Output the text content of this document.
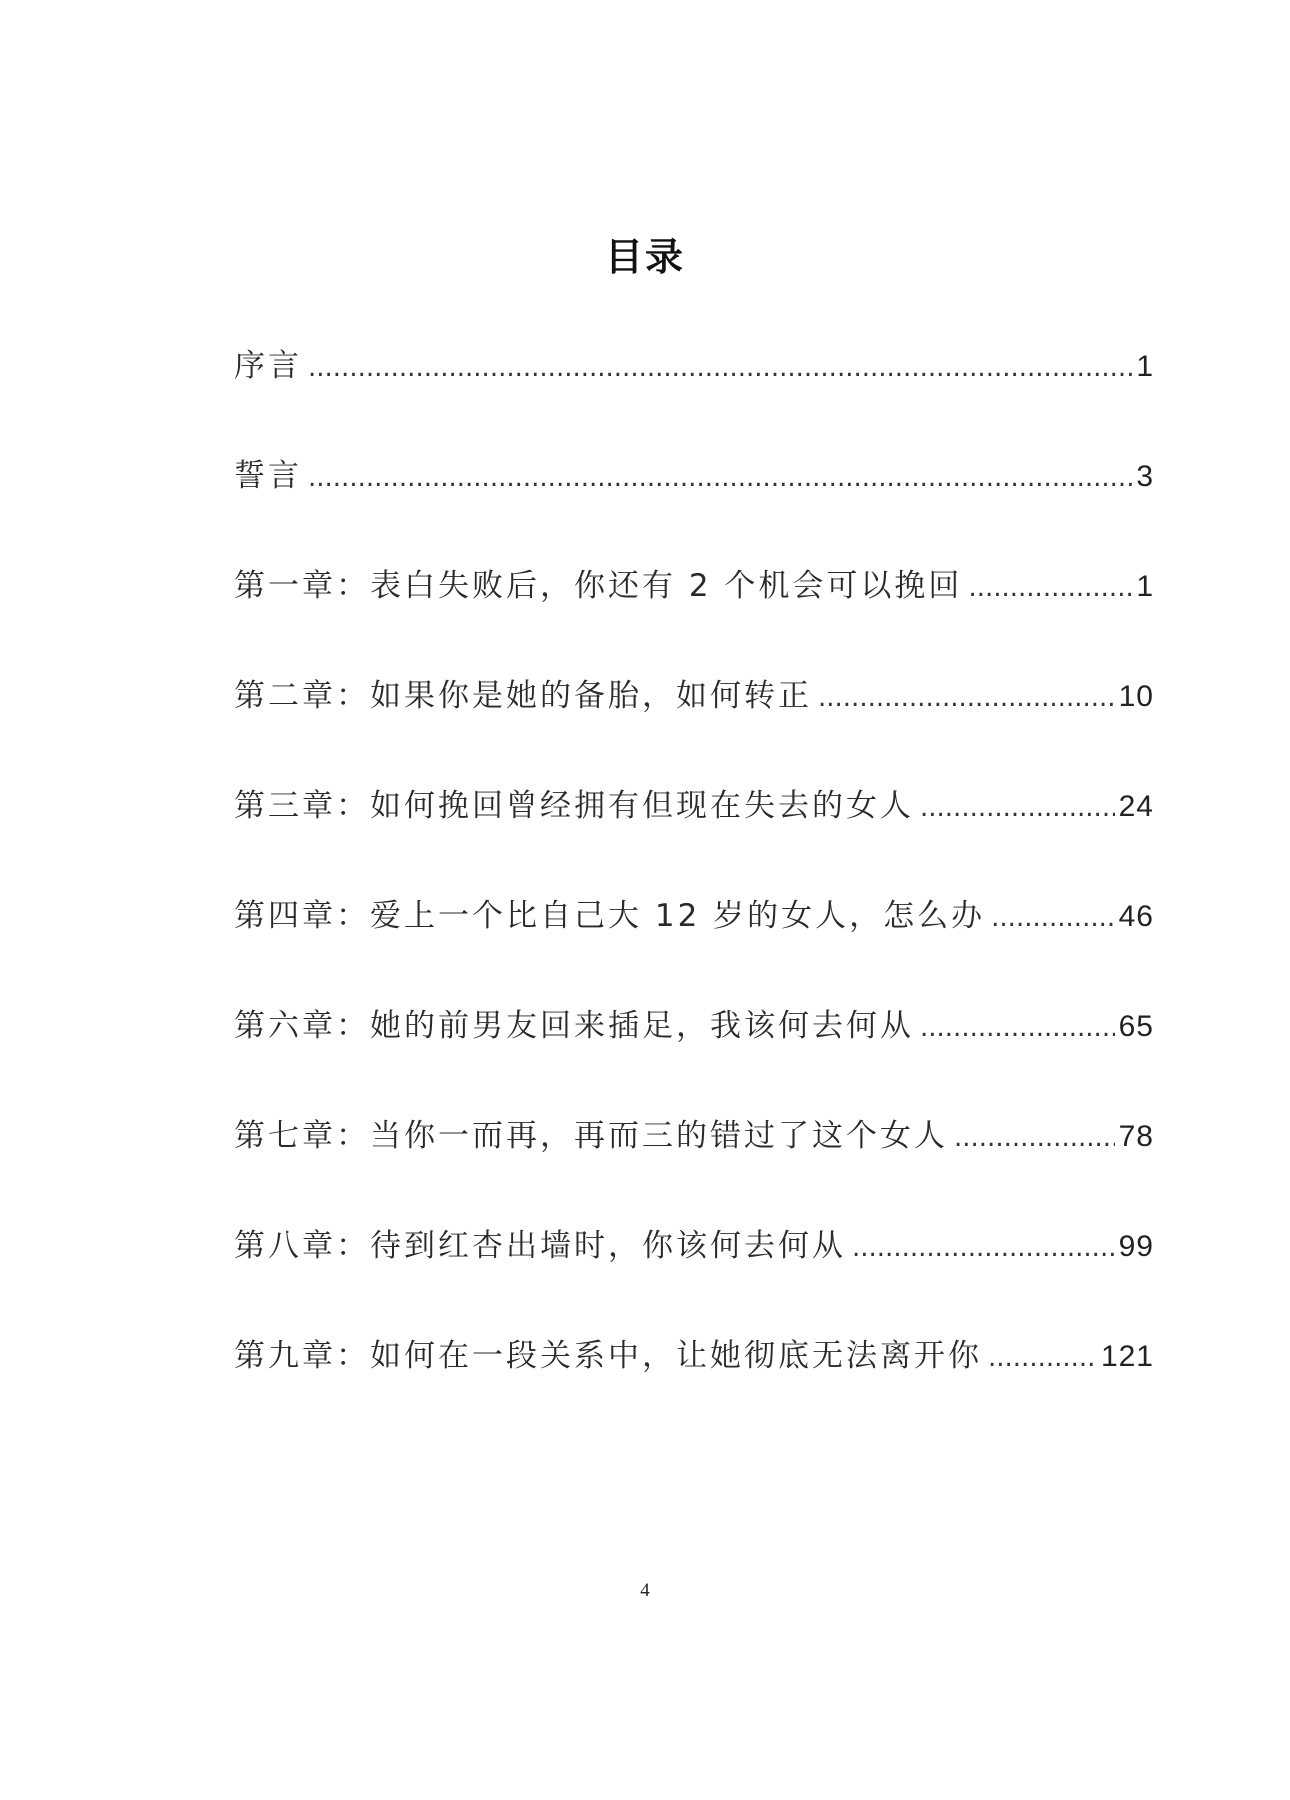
目录
序言 .....	1
誓言 .....	3
第一章：表白失败后，你还有 2 个机会可以挽回 .....	1
第二章：如果你是她的备胎，如何转正 .....	10
第三章：如何挽回曾经拥有但现在失去的女人 .....	24
第四章：爱上一个比自己大 12 岁的女人，怎么办 .....	46
第六章：她的前男友回来插足，我该何去何从 .....	65
第七章：当你一而再，再而三的错过了这个女人 .....	78
第八章：待到红杏出墙时，你该何去何从 .....	99
第九章：如何在一段关系中，让她彻底无法离开你 .....	121
4
